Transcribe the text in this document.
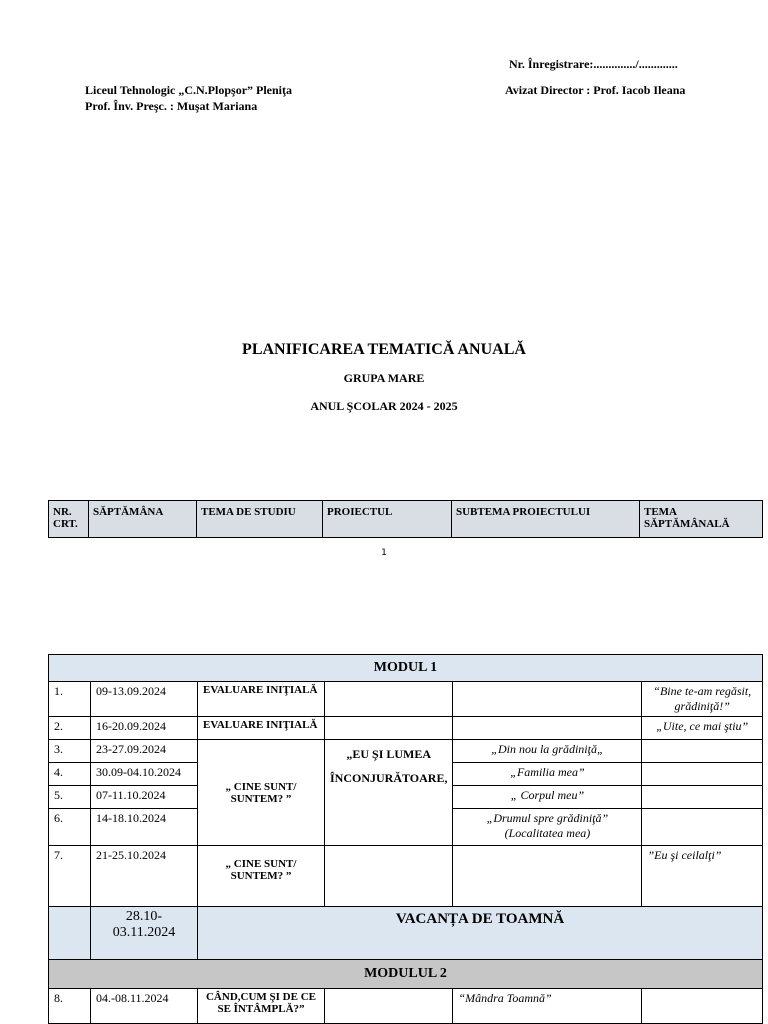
Nr. Înregistrare:............../.............
Liceul Tehnologic „C.N.Plopşor” Pleniţa
Prof. Înv. Preşc. : Muşat Mariana
Avizat Director : Prof. Iacob Ileana
PLANIFICAREA TEMATICĂ ANUALĂ
GRUPA MARE
ANUL ŞCOLAR 2024 - 2025
NR. CRT.	SĂPTĂMÂNA	TEMA DE STUDIU	PROIECTUL	SUBTEMA PROIECTULUI	TEMA SĂPTĂMÂNALĂ
1
MODUL 1					
1.	09-13.09.2024	EVALUARE INIŢIALĂ			“Bine te-am regăsit, grădiniţă!”
2.	16-20.09.2024	EVALUARE INIŢIALĂ			„Uite, ce mai ştiu”
3.	23-27.09.2024	„ CINE SUNT/ SUNTEM? ”	„EU ŞI LUMEA ÎNCONJURĂTOARE,	„Din nou la grădiniţă„	
4.	30.09-04.10.2024			„Familia mea”	
5.	07-11.10.2024			„ Corpul meu”	
6.	14-18.10.2024			„Drumul spre grădiniţă” (Localitatea mea)	
7.	21-25.10.2024	„ CINE SUNT/ SUNTEM? ”			”Eu şi ceilalţi”
	28.10-03.11.2024	VACANȚA DE TOAMNĂ			
MODULUL 2					
8.	04.-08.11.2024	CÂND,CUM ŞI DE CE SE ÎNTÂMPLĂ?”		“Mândra Toamnă”	
